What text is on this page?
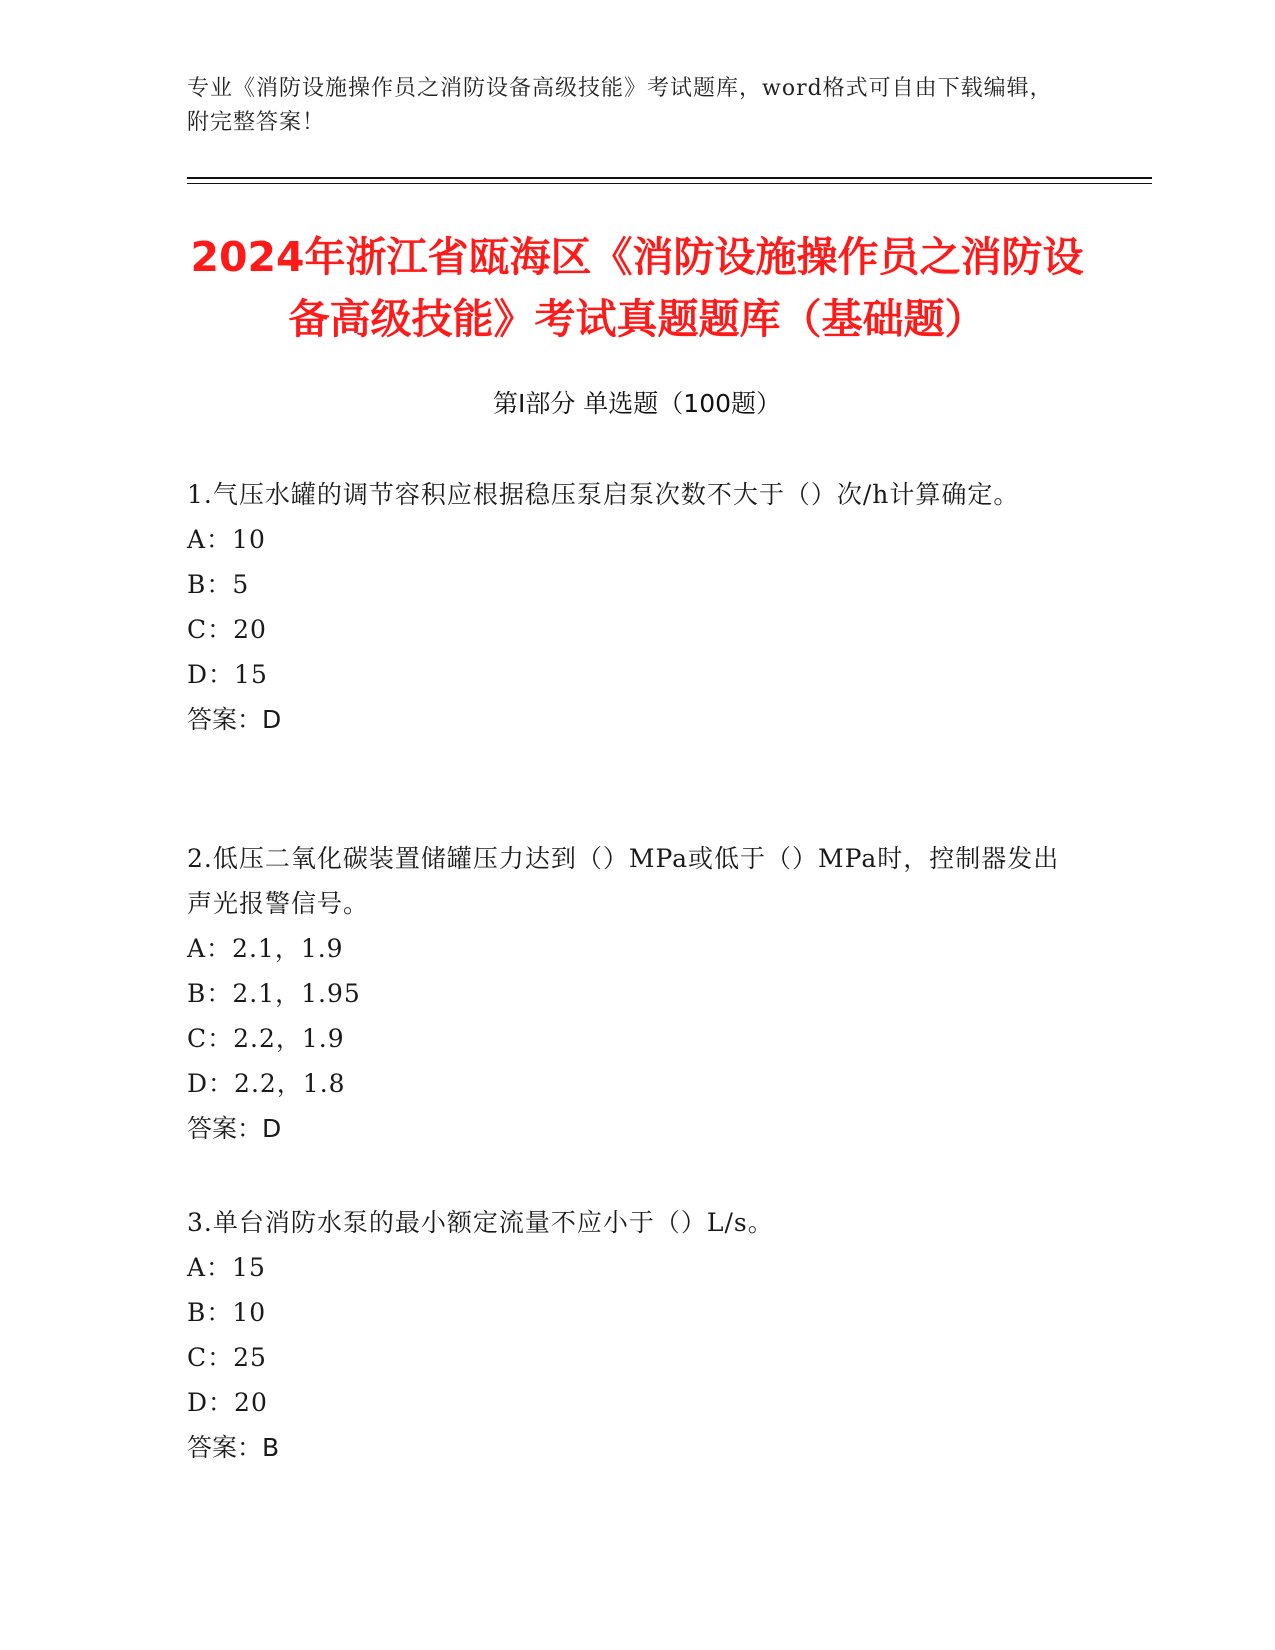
专业《消防设施操作员之消防设备高级技能》考试题库，word格式可自由下载编辑，附完整答案！
2024年浙江省瓯海区《消防设施操作员之消防设备高级技能》考试真题题库（基础题）
第Ⅰ部分 单选题（100题）

1.气压水罐的调节容积应根据稳压泵启泵次数不大于（）次/h计算确定。

A：10

B：5

C：20

D：15

答案：D

2.低压二氧化碳装置储罐压力达到（）MPa或低于（）MPa时，控制器发出声光报警信号。

A：2.1，1.9

B：2.1，1.95

C：2.2，1.9

D：2.2，1.8

答案：D

3.单台消防水泵的最小额定流量不应小于（）L/s。

A：15

B：10

C：25

D：20

答案：B
